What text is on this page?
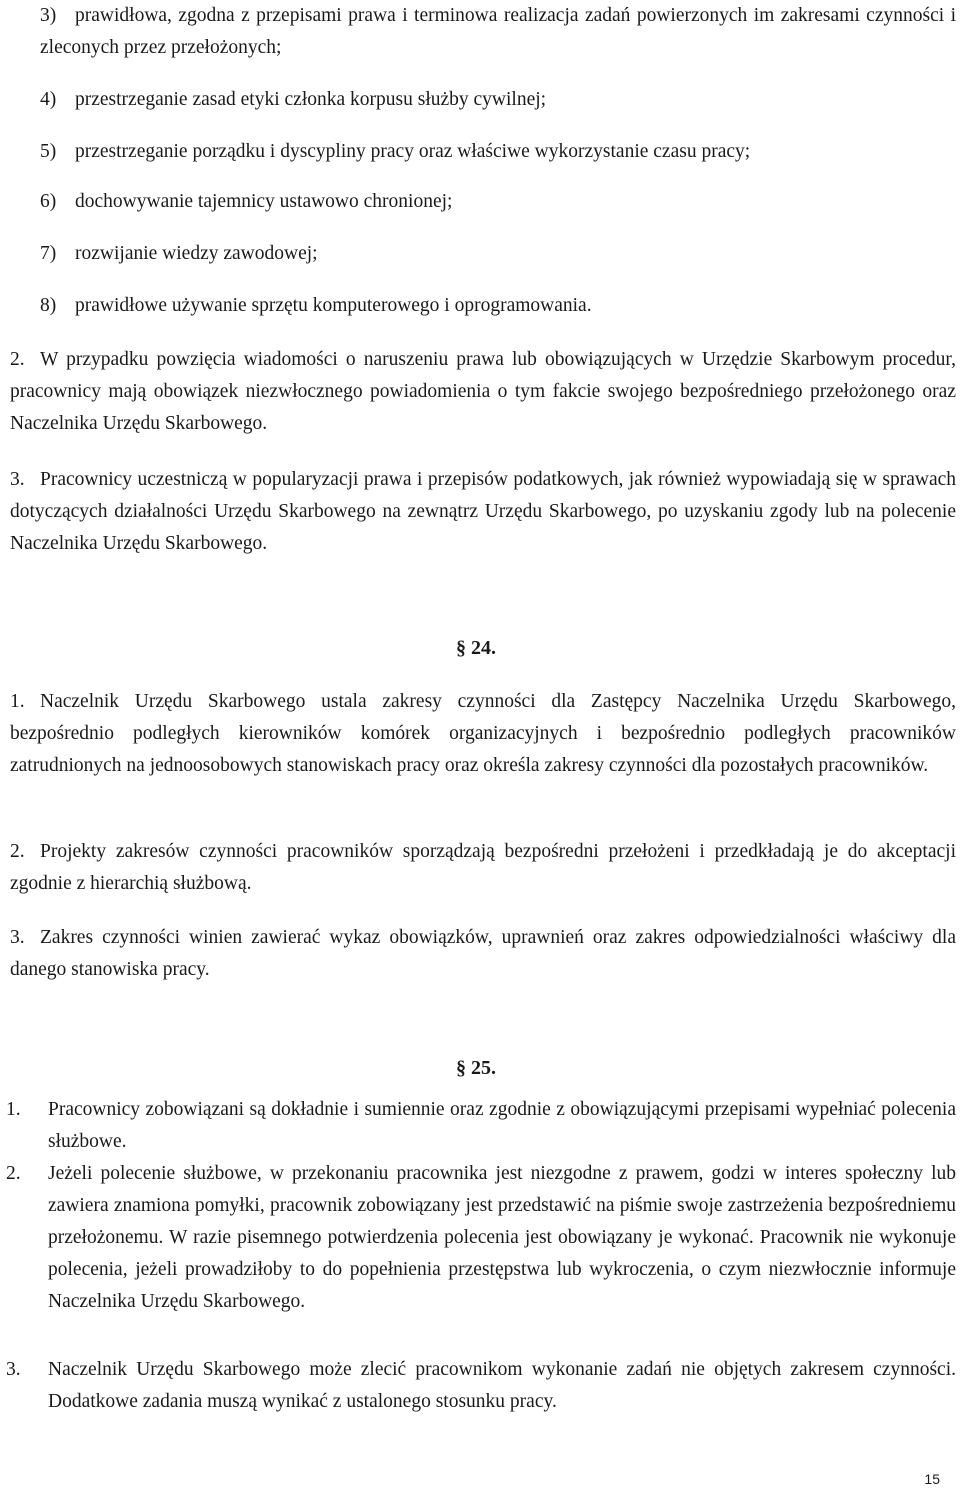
3) prawidłowa, zgodna z przepisami prawa i terminowa realizacja zadań powierzonych im zakresami czynności i zleconych przez przełożonych;
4) przestrzeganie zasad etyki członka korpusu służby cywilnej;
5) przestrzeganie porządku i dyscypliny pracy oraz właściwe wykorzystanie czasu pracy;
6) dochowywanie tajemnicy ustawowo chronionej;
7) rozwijanie wiedzy zawodowej;
8) prawidłowe używanie sprzętu komputerowego i oprogramowania.
2. W przypadku powzięcia wiadomości o naruszeniu prawa lub obowiązujących w Urzędzie Skarbowym procedur, pracownicy mają obowiązek niezwłocznego powiadomienia o tym fakcie swojego bezpośredniego przełożonego oraz Naczelnika Urzędu Skarbowego.
3. Pracownicy uczestniczą w popularyzacji prawa i przepisów podatkowych, jak również wypowiadają się w sprawach dotyczących działalności Urzędu Skarbowego na zewnątrz Urzędu Skarbowego, po uzyskaniu zgody lub na polecenie Naczelnika Urzędu Skarbowego.
§ 24.
1. Naczelnik Urzędu Skarbowego ustala zakresy czynności dla Zastępcy Naczelnika Urzędu Skarbowego, bezpośrednio podległych kierowników komórek organizacyjnych i bezpośrednio podległych pracowników zatrudnionych na jednoosobowych stanowiskach pracy oraz określa zakresy czynności dla pozostałych pracowników.
2. Projekty zakresów czynności pracowników sporządzają bezpośredni przełożeni i przedkładają je do akceptacji zgodnie z hierarchią służbową.
3. Zakres czynności winien zawierać wykaz obowiązków, uprawnień oraz zakres odpowiedzialności właściwy dla danego stanowiska pracy.
§ 25.
1. Pracownicy zobowiązani są dokładnie i sumiennie oraz zgodnie z obowiązującymi przepisami wypełniać polecenia służbowe.
2. Jeżeli polecenie służbowe, w przekonaniu pracownika jest niezgodne z prawem, godzi w interes społeczny lub zawiera znamiona pomyłki, pracownik zobowiązany jest przedstawić na piśmie swoje zastrzeżenia bezpośredniemu przełożonemu. W razie pisemnego potwierdzenia polecenia jest obowiązany je wykonać. Pracownik nie wykonuje polecenia, jeżeli prowadziłoby to do popełnienia przestępstwa lub wykroczenia, o czym niezwłocznie informuje Naczelnika Urzędu Skarbowego.
3. Naczelnik Urzędu Skarbowego może zlecić pracownikom wykonanie zadań nie objętych zakresem czynności. Dodatkowe zadania muszą wynikać z ustalonego stosunku pracy.
15
